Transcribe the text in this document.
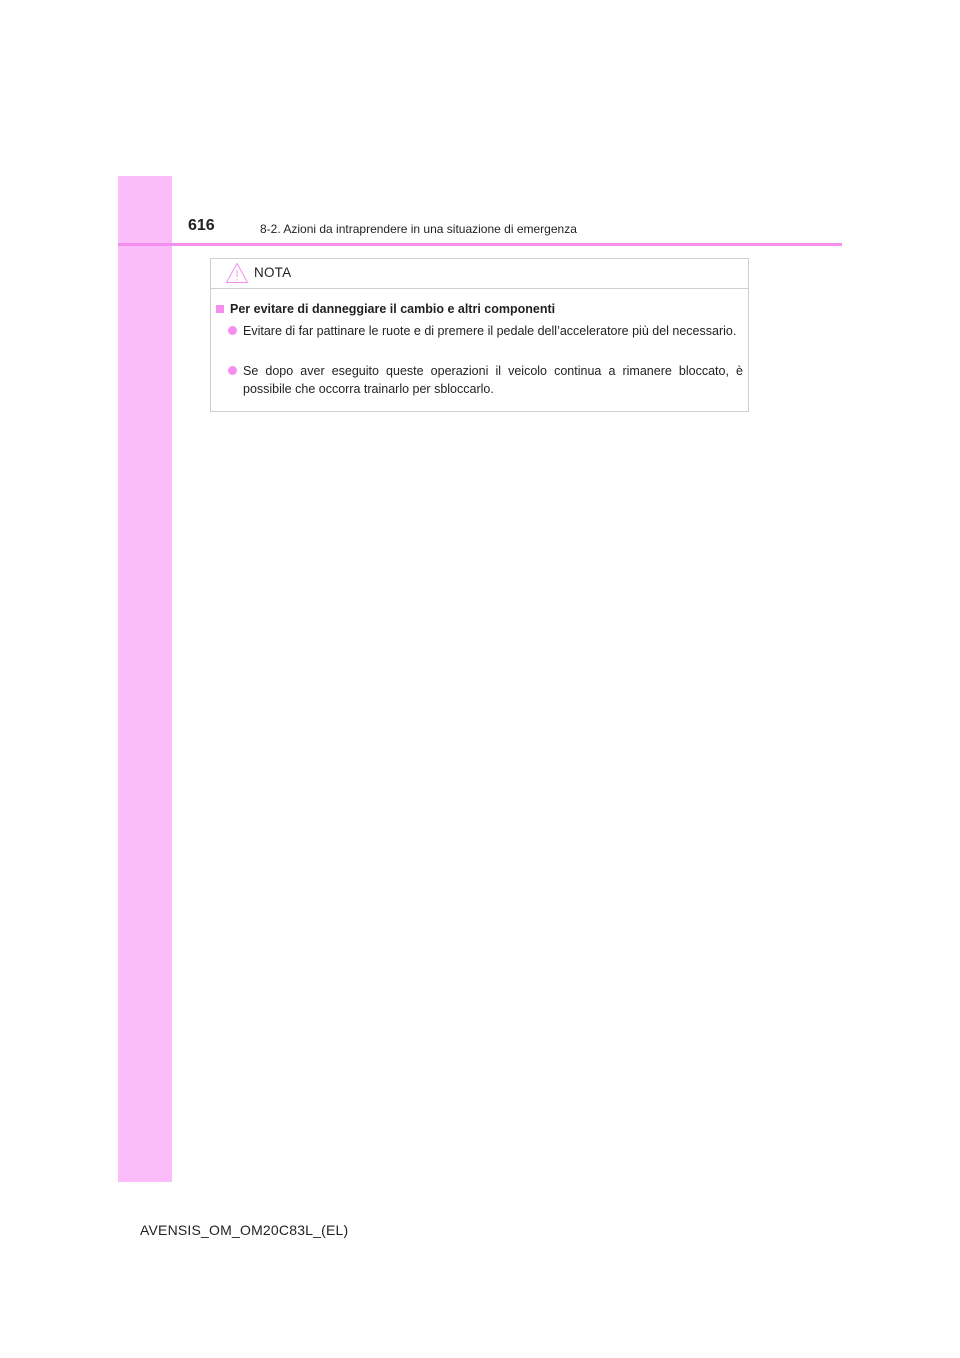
616	8-2. Azioni da intraprendere in una situazione di emergenza
NOTA
Per evitare di danneggiare il cambio e altri componenti
Evitare di far pattinare le ruote e di premere il pedale dell’acceleratore più del necessario.
Se dopo aver eseguito queste operazioni il veicolo continua a rimanere bloccato, è possibile che occorra trainarlo per sbloccarlo.
AVENSIS_OM_OM20C83L_(EL)
